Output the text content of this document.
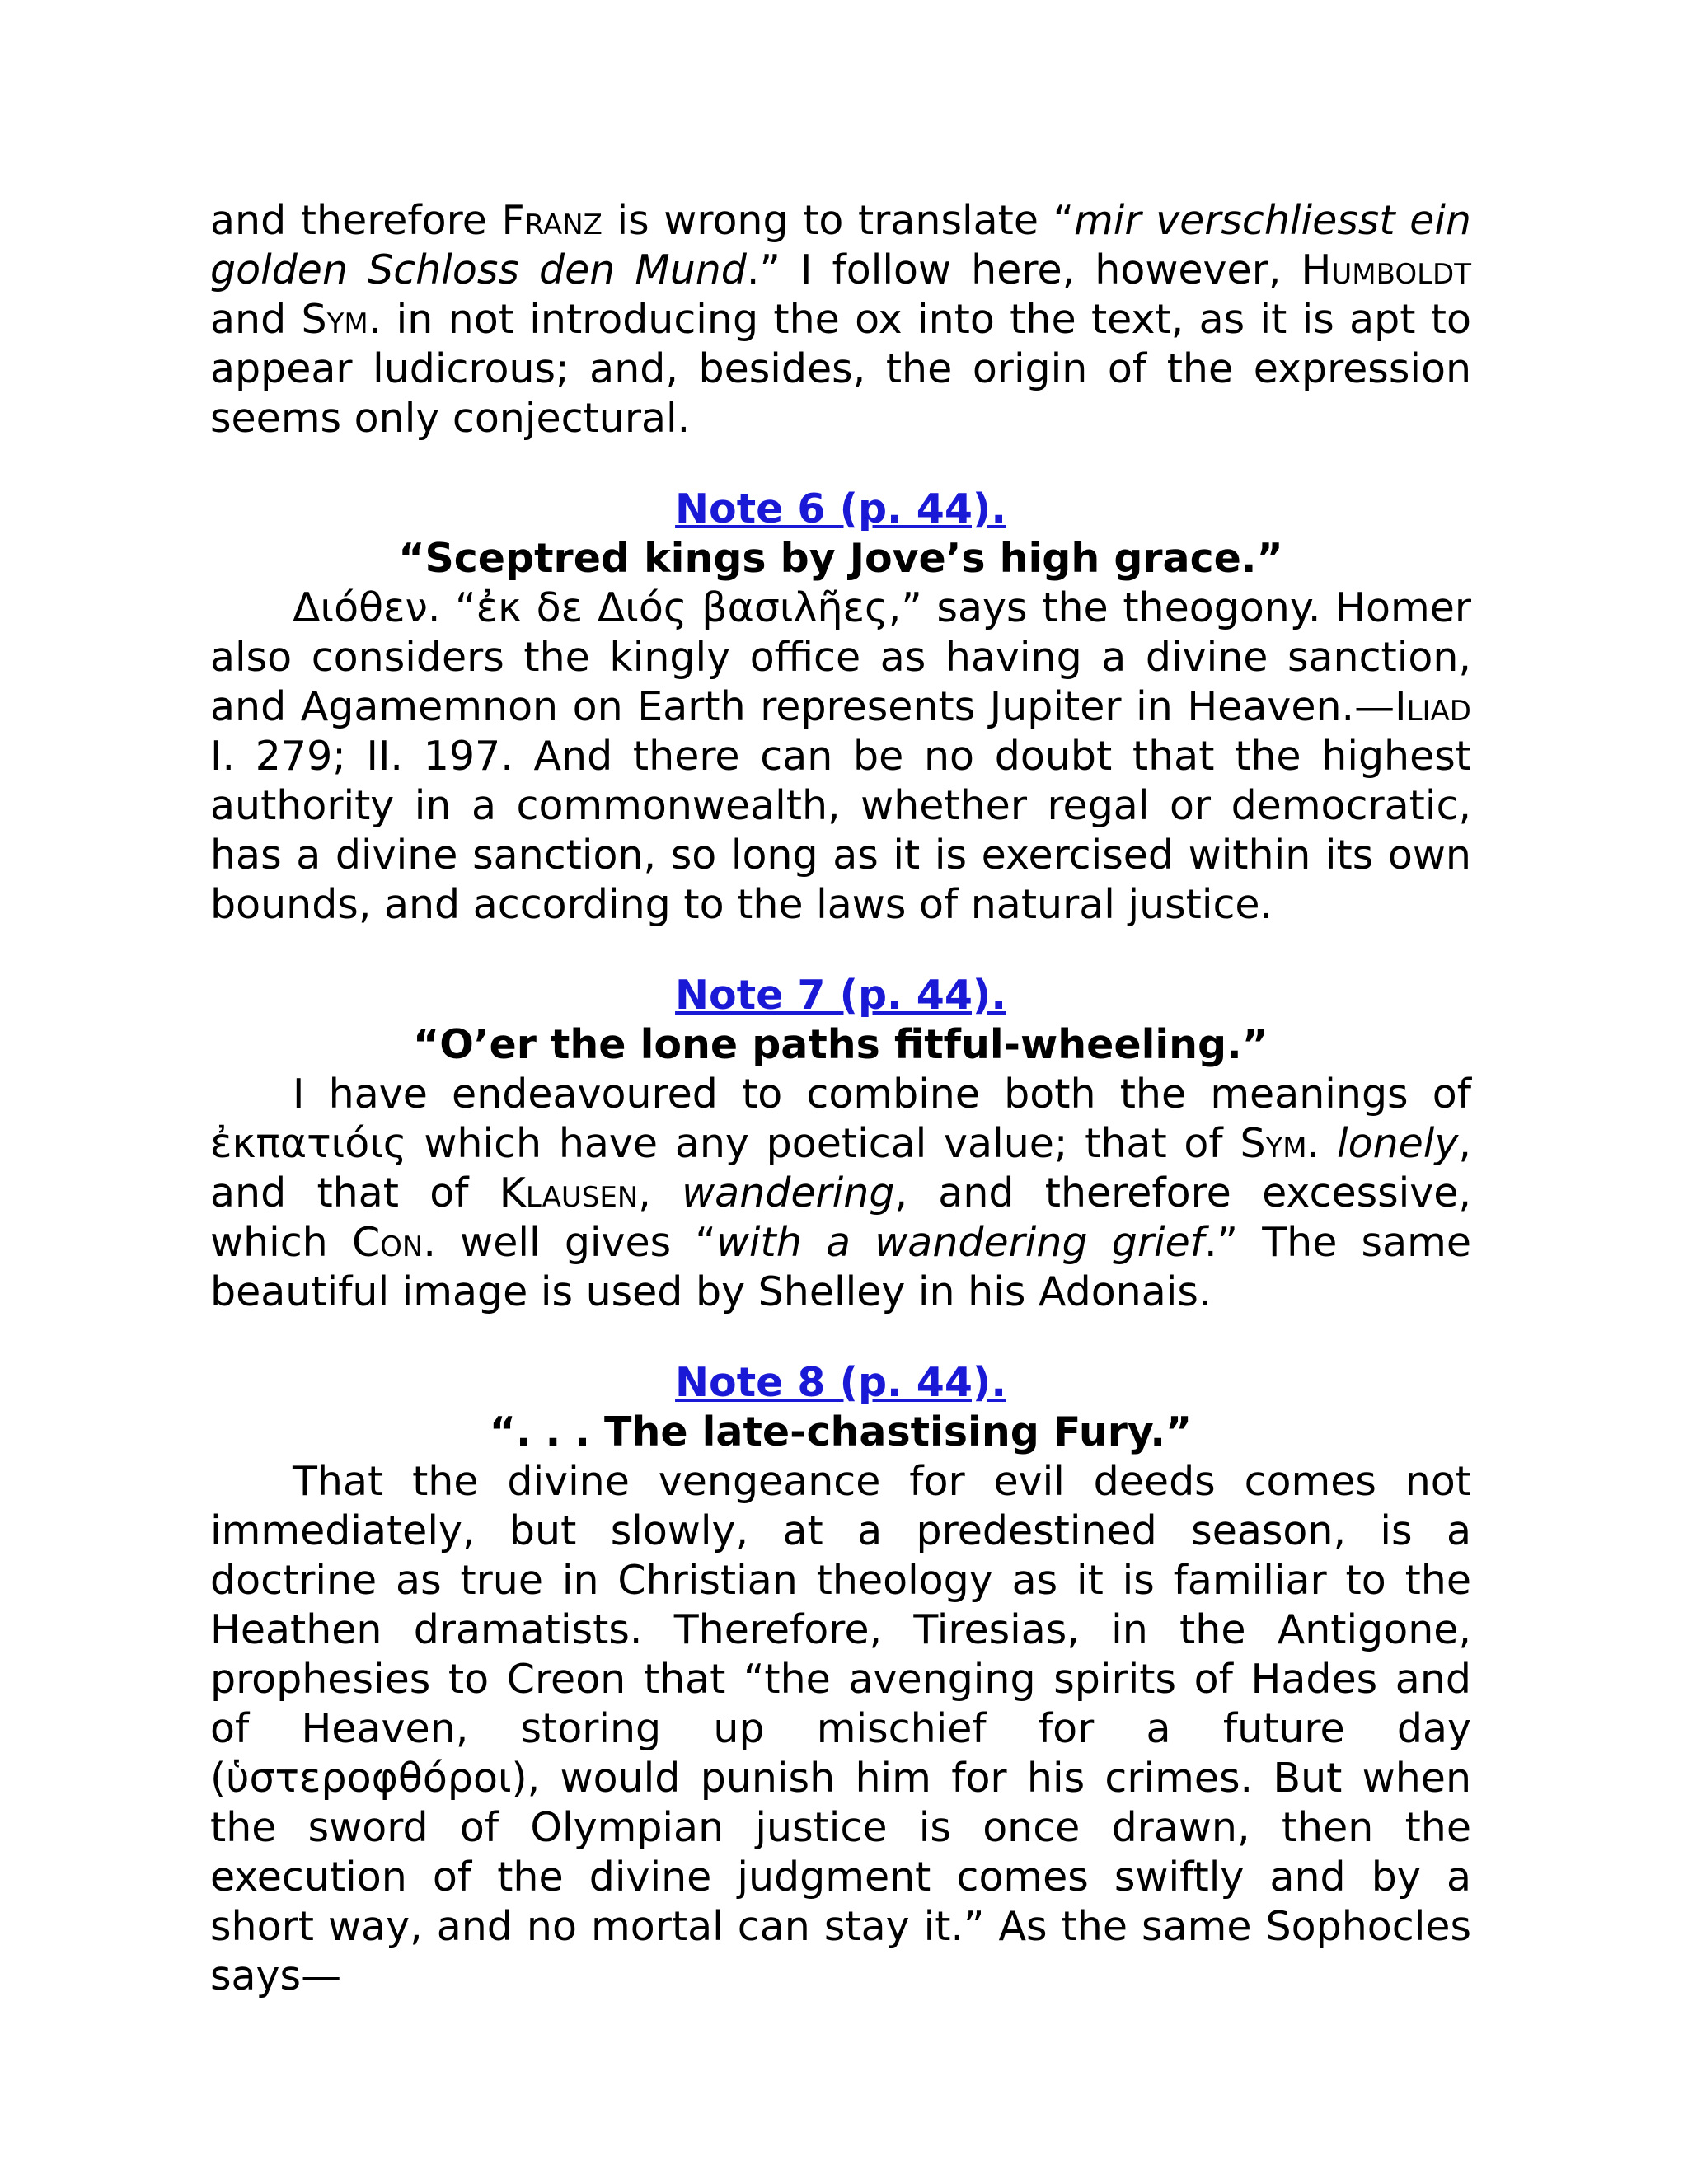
and therefore Franz is wrong to translate “mir verschliesst ein golden Schloss den Mund.” I follow here, however, Humboldt and Sym. in not introducing the ox into the text, as it is apt to appear ludicrous; and, besides, the origin of the expression seems only conjectural.

Note 6 (p. 44).

“Sceptred kings by Jove’s high grace.”

Διόθεν. “ἐκ δε Διός βασιλῆες,” says the theogony. Homer also considers the kingly office as having a divine sanction, and Agamemnon on Earth represents Jupiter in Heaven.—Iliad I. 279; II. 197. And there can be no doubt that the highest authority in a commonwealth, whether regal or democratic, has a divine sanction, so long as it is exercised within its own bounds, and according to the laws of natural justice.

Note 7 (p. 44).

“O’er the lone paths fitful-wheeling.”

I have endeavoured to combine both the meanings of ἐκπατιόις which have any poetical value; that of Sym. lonely, and that of Klausen, wandering, and therefore excessive, which Con. well gives “with a wandering grief.” The same beautiful image is used by Shelley in his Adonais.

Note 8 (p. 44).

“. . . The late-chastising Fury.”

That the divine vengeance for evil deeds comes not immediately, but slowly, at a predestined season, is a doctrine as true in Christian theology as it is familiar to the Heathen dramatists. Therefore, Tiresias, in the Antigone, prophesies to Creon that “the avenging spirits of Hades and of Heaven, storing up mischief for a future day (ὑστεροφθόροι), would punish him for his crimes. But when the sword of Olympian justice is once drawn, then the execution of the divine judgment comes swiftly and by a short way, and no mortal can stay it.” As the same Sophocles says—
